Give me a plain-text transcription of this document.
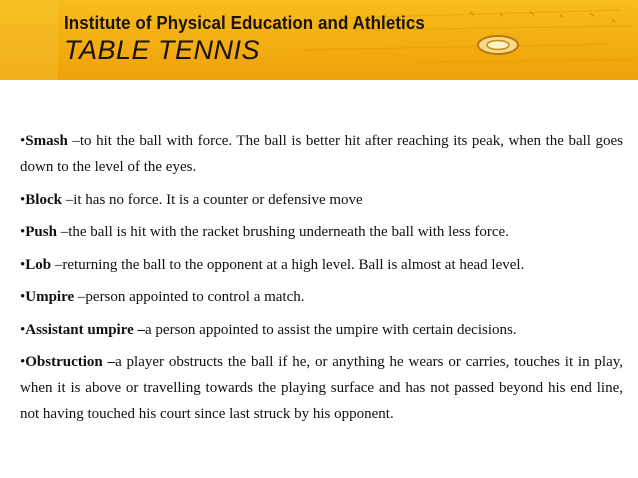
Institute of Physical Education and Athletics
TABLE TENNIS

•Smash –to hit the ball with force. The ball is better hit after reaching its peak, when the ball goes down to the level of the eyes.

•Block –it has no force. It is a counter or defensive move

•Push –the ball is hit with the racket brushing underneath the ball with less force.

•Lob –returning the ball to the opponent at a high level. Ball is almost at head level.

•Umpire –person appointed to control a match.

•Assistant umpire –a person appointed to assist the umpire with certain decisions.

•Obstruction –a player obstructs the ball if he, or anything he wears or carries, touches it in play, when it is above or travelling towards the playing surface and has not passed beyond his end line, not having touched his court since last struck by his opponent.
